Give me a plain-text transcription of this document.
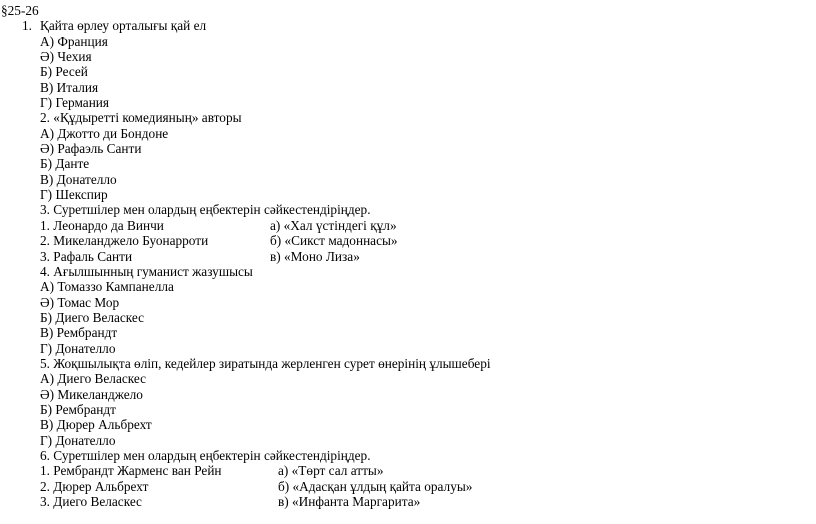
§25-26
1. Қайта өрлеу орталығы қай ел
А) Франция
Ә) Чехия
Б) Ресей
В) Италия
Г) Германия
2. «Құдыретті комедияның» авторы
А) Джотто ди Бондоне
Ә) Рафаэль Санти
Б) Данте
В) Донателло
Г) Шекспир
3. Суретшілер мен олардың еңбектерін сәйкестендіріңдер.
1. Леонардо да Винчи	а) «Хал үстіндегі құл»
2. Микеланджело Буонарроти	б) «Сикст мадоннасы»
3. Рафаль Санти	в) «Моно Лиза»
4. Ағылшынның гуманист жазушысы
А) Томаззо Кампанелла
Ә) Томас Мор
Б) Диего Веласкес
В) Рембрандт
Г) Донателло
5. Жоқшылықта өліп, кедейлер зиратында жерленген сурет өнерінің ұлышебері
А) Диего Веласкес
Ә) Микеланджело
Б) Рембрандт
В) Дюрер Альбрехт
Г) Донателло
6. Суретшілер мен олардың еңбектерін сәйкестендіріңдер.
1. Рембрандт Жарменс ван Рейн	а) «Төрт сал атты»
2. Дюрер Альбрехт	б) «Адасқан ұлдың қайта оралуы»
3. Диего Веласкес	в) «Инфанта Маргарита»
